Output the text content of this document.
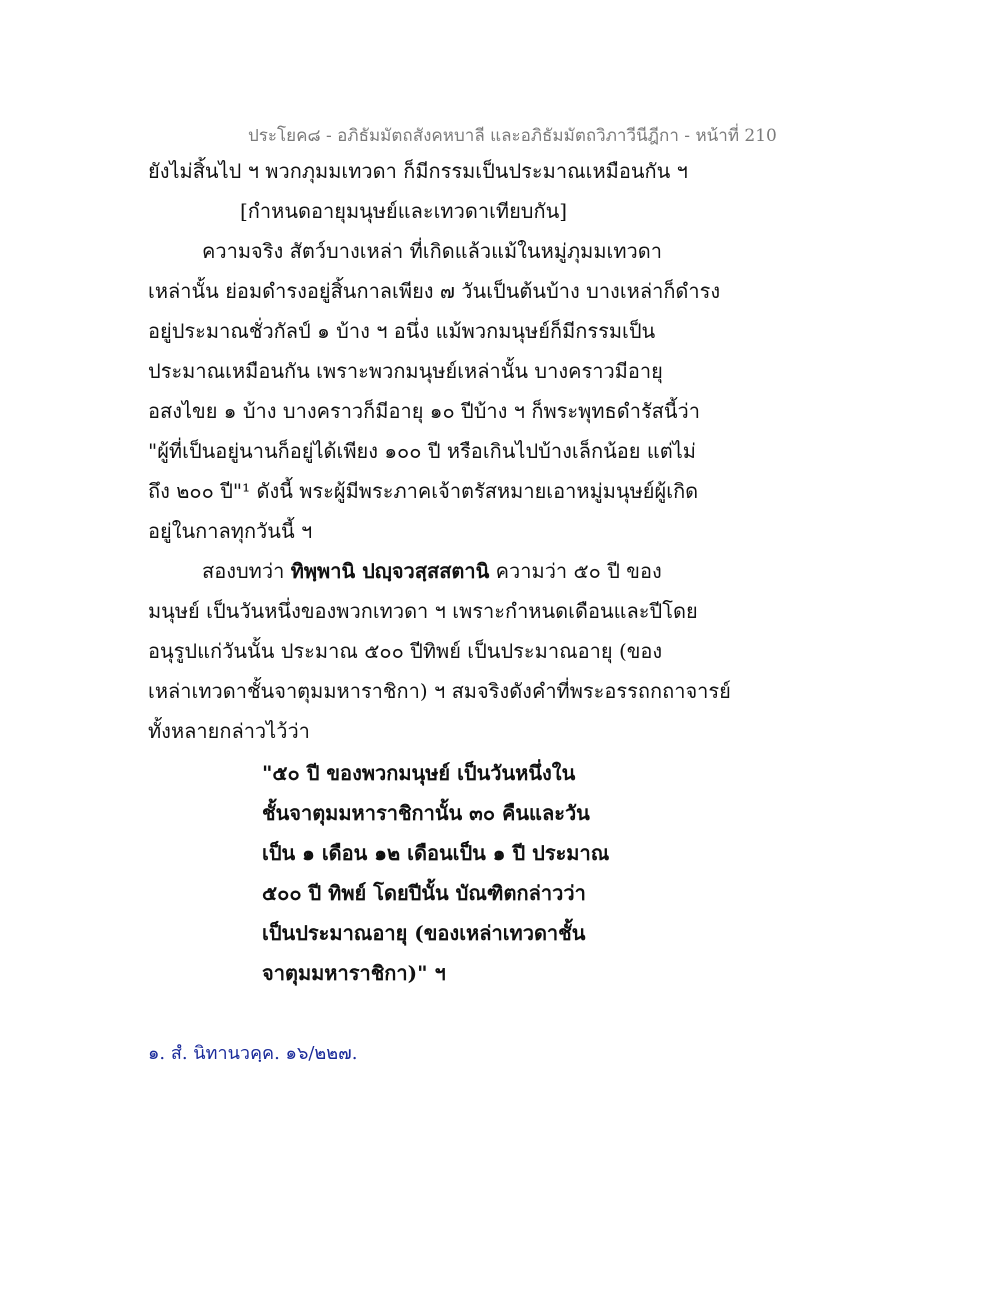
ประโยค๘ - อภิธัมมัตถสังคหบาลี และอภิธัมมัตถวิภาวีนีฎีกา - หน้าที่ 210
ยังไม่สิ้นไป ฯ พวกภุมมเทวดา ก็มีกรรมเป็นประมาณเหมือนกัน ฯ
[กำหนดอายุมนุษย์และเทวดาเทียบกัน]
ความจริง สัตว์บางเหล่า ที่เกิดแล้วแม้ในหมู่ภุมมเทวดา
เหล่านั้น ย่อมดำรงอยู่สิ้นกาลเพียง ๗ วันเป็นต้นบ้าง บางเหล่าก็ดำรง
อยู่ประมาณชั่วกัลป์ ๑ บ้าง ฯ อนึ่ง แม้พวกมนุษย์ก็มีกรรมเป็น
ประมาณเหมือนกัน เพราะพวกมนุษย์เหล่านั้น บางคราวมีอายุ
อสงไขย ๑ บ้าง บางคราวก็มีอายุ ๑๐ ปีบ้าง ฯ ก็พระพุทธดำรัสนี้ว่า
"ผู้ที่เป็นอยู่นานก็อยู่ได้เพียง ๑๐๐ ปี หรือเกินไปบ้างเล็กน้อย แต่ไม่
ถึง ๒๐๐ ปี"¹ ดังนี้ พระผู้มีพระภาคเจ้าตรัสหมายเอาหมู่มนุษย์ผู้เกิด
อยู่ในกาลทุกวันนี้ ฯ
สองบทว่า ทิพฺพานิ ปญฺจวสฺสสตานิ ความว่า ๕๐ ปี ของ
มนุษย์ เป็นวันหนึ่งของพวกเทวดา ฯ เพราะกำหนดเดือนและปีโดย
อนุรูปแก่วันนั้น ประมาณ ๕๐๐ ปีทิพย์ เป็นประมาณอายุ (ของ
เหล่าเทวดาชั้นจาตุมมหาราชิกา) ฯ สมจริงดังคำที่พระอรรถกถาจารย์
ทั้งหลายกล่าวไว้ว่า
"๕๐ ปี ของพวกมนุษย์ เป็นวันหนึ่งใน
ชั้นจาตุมมหาราชิกานั้น ๓๐ คืนและวัน
เป็น ๑ เดือน ๑๒ เดือนเป็น ๑ ปี ประมาณ
๕๐๐ ปี ทิพย์ โดยปีนั้น บัณฑิตกล่าวว่า
เป็นประมาณอายุ (ของเหล่าเทวดาชั้น
จาตุมมหาราชิกา)" ฯ
๑. สํ. นิทานวคฺค. ๑๖/๒๒๗.
